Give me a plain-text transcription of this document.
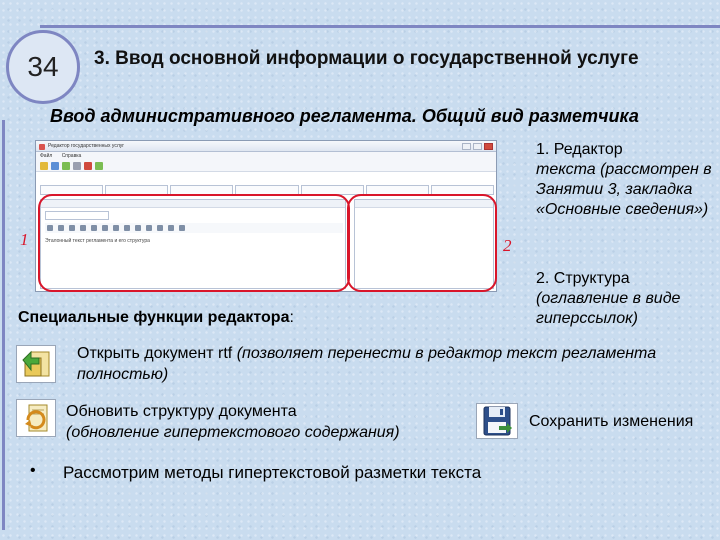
34	3. Ввод основной информации о государственной услуге
Ввод административного регламента. Общий вид разметчика
Редактор государственных услуг
Файл Справка
Эталонный текст регламента и его структура
1	2
1. Редактор
текста (рассмотрен в Занятии 3, закладка «Основные сведения»)
2. Структура
(оглавление в виде гиперссылок)
Специальные функции редактора:
Открыть документ rtf (позволяет перенести в редактор текст регламента полностью)
Обновить структуру документа
(обновление гипертекстового содержания)
Сохранить изменения
• Рассмотрим методы гипертекстовой разметки текста
